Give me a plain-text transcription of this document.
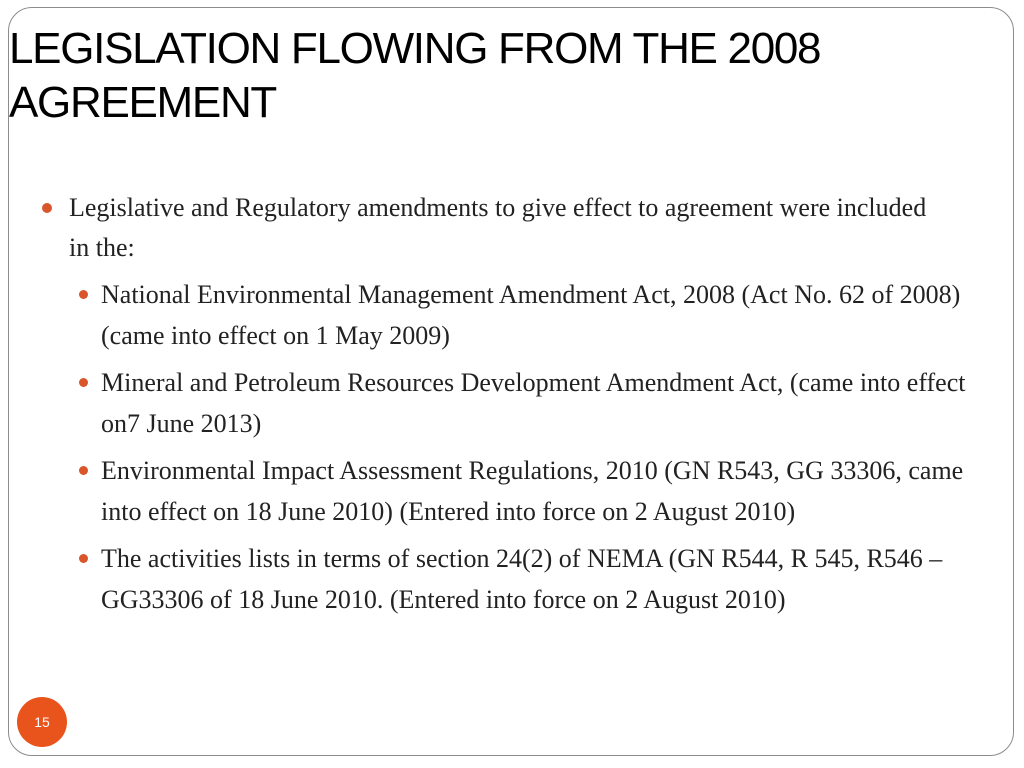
LEGISLATION FLOWING FROM THE 2008 AGREEMENT
Legislative and Regulatory amendments to give effect to agreement were included in the:
National Environmental Management Amendment Act, 2008 (Act No. 62 of 2008) (came into effect on 1 May 2009)
Mineral and Petroleum Resources Development Amendment Act, (came into effect on7 June 2013)
Environmental Impact Assessment Regulations, 2010 (GN R543, GG 33306, came into effect on 18 June 2010) (Entered into force on 2 August 2010)
The activities lists in terms of section 24(2) of NEMA (GN R544, R 545, R546 – GG33306 of 18 June 2010. (Entered into force on 2 August 2010)
15
